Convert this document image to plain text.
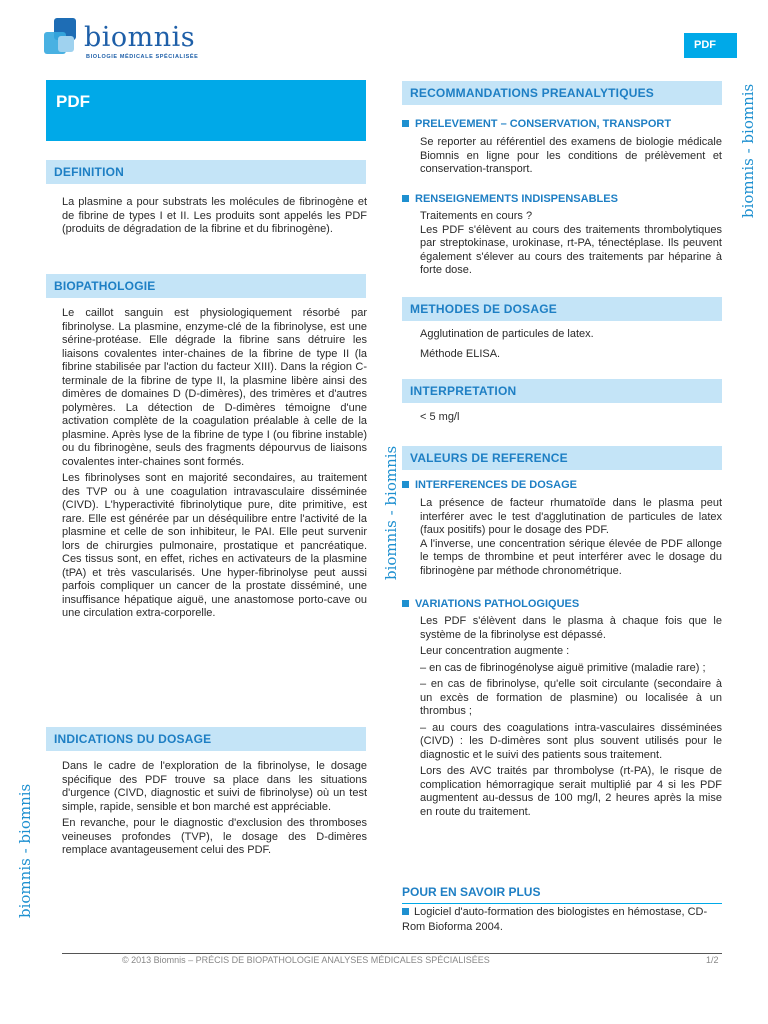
biomnis
BIOLOGIE MÉDICALE SPÉCIALISÉE
PDF
biomnis - biomnis
biomnis - biomnis
biomnis - biomnis
PDF
DEFINITION

La plasmine a pour substrats les molécules de fibrinogène et de fibrine de types I et II. Les produits sont appelés les PDF (produits de dégradation de la fibrine et du fibrinogène).

BIOPATHOLOGIE

Le caillot sanguin est physiologiquement résorbé par fibrinolyse. La plasmine, enzyme-clé de la fibrinolyse, est une sérine-protéase. Elle dégrade la fibrine sans détruire les liaisons covalentes inter-chaines de la fibrine de type II (la fibrine stabilisée par l'action du facteur XIII). Dans la région C-terminale de la fibrine de type II, la plasmine libère ainsi des dimères de domaines D (D-dimères), des trimères et d'autres polymères. La détection de D-dimères témoigne d'une activation complète de la coagulation préalable à celle de la plasmine. Après lyse de la fibrine de type I (ou fibrine instable) ou du fibrinogène, seuls des fragments dépourvus de liaisons covalentes inter-chaines sont formés.

Les fibrinolyses sont en majorité secondaires, au traitement des TVP ou à une coagulation intravasculaire disséminée (CIVD). L'hyperactivité fibrinolytique pure, dite primitive, est rare. Elle est générée par un déséquilibre entre l'activité de la plasmine et celle de son inhibiteur, le PAI. Elle peut survenir lors de chirurgies pulmonaire, prostatique et pancréatique. Ces tissus sont, en effet, riches en activateurs de la plasmine (tPA) et très vascularisés. Une hyper-fibrinolyse peut aussi parfois compliquer un cancer de la prostate disséminé, une insuffisance hépatique aiguë, une anastomose porto-cave ou une circulation extra-corporelle.

INDICATIONS DU DOSAGE

Dans le cadre de l'exploration de la fibrinolyse, le dosage spécifique des PDF trouve sa place dans les situations d'urgence (CIVD, diagnostic et suivi de fibrinolyse) où un test simple, rapide, sensible et bon marché est appréciable.

En revanche, pour le diagnostic d'exclusion des thromboses veineuses profondes (TVP), le dosage des D-dimères remplace avantageusement celui des PDF.

RECOMMANDATIONS PREANALYTIQUES
PRELEVEMENT – CONSERVATION, TRANSPORT

Se reporter au référentiel des examens de biologie médicale Biomnis en ligne pour les conditions de prélèvement et conservation-transport.

RENSEIGNEMENTS INDISPENSABLES

Traitements en cours ?

Les PDF s'élèvent au cours des traitements thrombolytiques par streptokinase, urokinase, rt-PA, ténectéplase. Ils peuvent également s'élever au cours des traitements par héparine à forte dose.

METHODES DE DOSAGE

Agglutination de particules de latex.

Méthode ELISA.

INTERPRETATION

< 5 mg/l

VALEURS DE REFERENCE
INTERFERENCES DE DOSAGE

La présence de facteur rhumatoïde dans le plasma peut interférer avec le test d'agglutination de particules de latex (faux positifs) pour le dosage des PDF.

A l'inverse, une concentration sérique élevée de PDF allonge le temps de thrombine et peut interférer avec le dosage du fibrinogène par méthode chronométrique.

VARIATIONS PATHOLOGIQUES

Les PDF s'élèvent dans le plasma à chaque fois que le système de la fibrinolyse est dépassé.

Leur concentration augmente :

– en cas de fibrinogénolyse aiguë primitive (maladie rare) ;

– en cas de fibrinolyse, qu'elle soit circulante (secondaire à un excès de formation de plasmine) ou localisée à un thrombus ;

– au cours des coagulations intra-vasculaires disséminées (CIVD) : les D-dimères sont plus souvent utilisés pour le diagnostic et le suivi des patients sous traitement.

Lors des AVC traités par thrombolyse (rt-PA), le risque de complication hémorragique serait multiplié par 4 si les PDF augmentent au-dessus de 100 mg/l, 2 heures après la mise en route du traitement.

POUR EN SAVOIR PLUS
Logiciel d'auto-formation des biologistes en hémostase, CD-Rom Bioforma 2004.
© 2013 Biomnis – PRÉCIS DE BIOPATHOLOGIE ANALYSES MÉDICALES SPÉCIALISÉES	1/2
